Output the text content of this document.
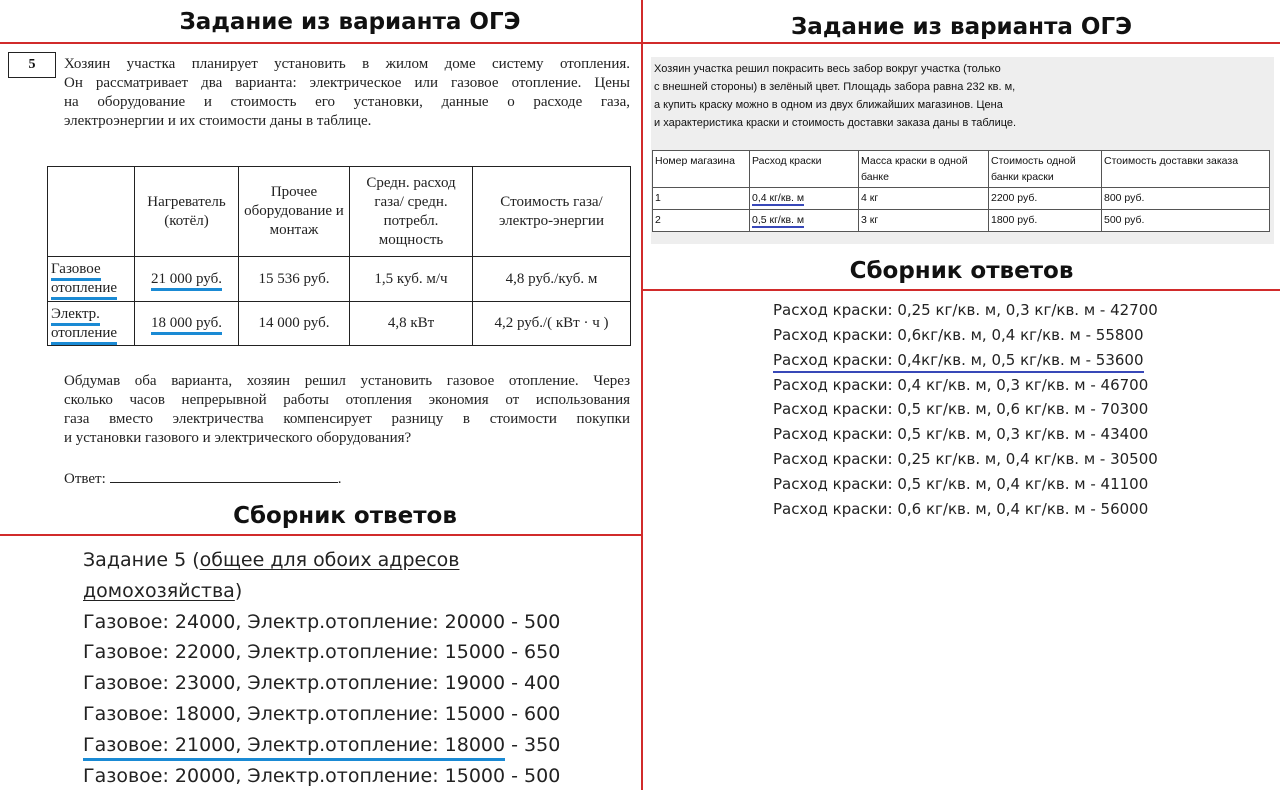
Задание из варианта ОГЭ
5	Хозяин участка планирует установить в жилом доме систему отопления.
Он рассматривает два варианта: электрическое или газовое отопление. Цены
на оборудование и стоимость его установки, данные о расходе газа,
электроэнергии и их стоимости даны в таблице.
	Нагреватель (котёл)	Прочее оборудование и монтаж	Средн. расход газа/ средн. потребл. мощность	Стоимость газа/электро-энергии
Газовое
отопление	21 000 руб.	15 536 руб.	1,5 куб. м/ч	4,8 руб./куб. м
Электр.
отопление	18 000 руб.	14 000 руб.	4,8 кВт	4,2 руб./( кВт · ч )
Обдумав оба варианта, хозяин решил установить газовое отопление. Через
сколько часов непрерывной работы отопления экономия от использования
газа вместо электричества компенсирует разницу в стоимости покупки
и установки газового и электрического оборудования?
Ответ:	.
Сборник ответов
Задание 5 (общее для обоих адресов
домохозяйства)
Газовое: 24000, Электр.отопление: 20000 - 500
Газовое: 22000, Электр.отопление: 15000 - 650
Газовое: 23000, Электр.отопление: 19000 - 400
Газовое: 18000, Электр.отопление: 15000 - 600
Газовое: 21000, Электр.отопление: 18000 - 350
Газовое: 20000, Электр.отопление: 15000 - 500
Задание из варианта ОГЭ
Хозяин участка решил покрасить весь забор вокруг участка (только
с внешней стороны) в зелёный цвет. Площадь забора равна 232 кв. м,
а купить краску можно в одном из двух ближайших магазинов. Цена
и характеристика краски и стоимость доставки заказа даны в таблице.
Номер магазина	Расход краски	Масса краски в одной банке	Стоимость одной банки краски	Стоимость доставки заказа
1	0,4 кг/кв. м	4 кг	2200 руб.	800 руб.
2	0,5 кг/кв. м	3 кг	1800 руб.	500 руб.
Сборник ответов
Расход краски: 0,25 кг/кв. м, 0,3 кг/кв. м - 42700
Расход краски: 0,6кг/кв. м, 0,4 кг/кв. м - 55800
Расход краски: 0,4кг/кв. м, 0,5 кг/кв. м - 53600
Расход краски: 0,4 кг/кв. м, 0,3 кг/кв. м - 46700
Расход краски: 0,5 кг/кв. м, 0,6 кг/кв. м - 70300
Расход краски: 0,5 кг/кв. м, 0,3 кг/кв. м - 43400
Расход краски: 0,25 кг/кв. м, 0,4 кг/кв. м - 30500
Расход краски: 0,5 кг/кв. м, 0,4 кг/кв. м - 41100
Расход краски: 0,6 кг/кв. м, 0,4 кг/кв. м - 56000
